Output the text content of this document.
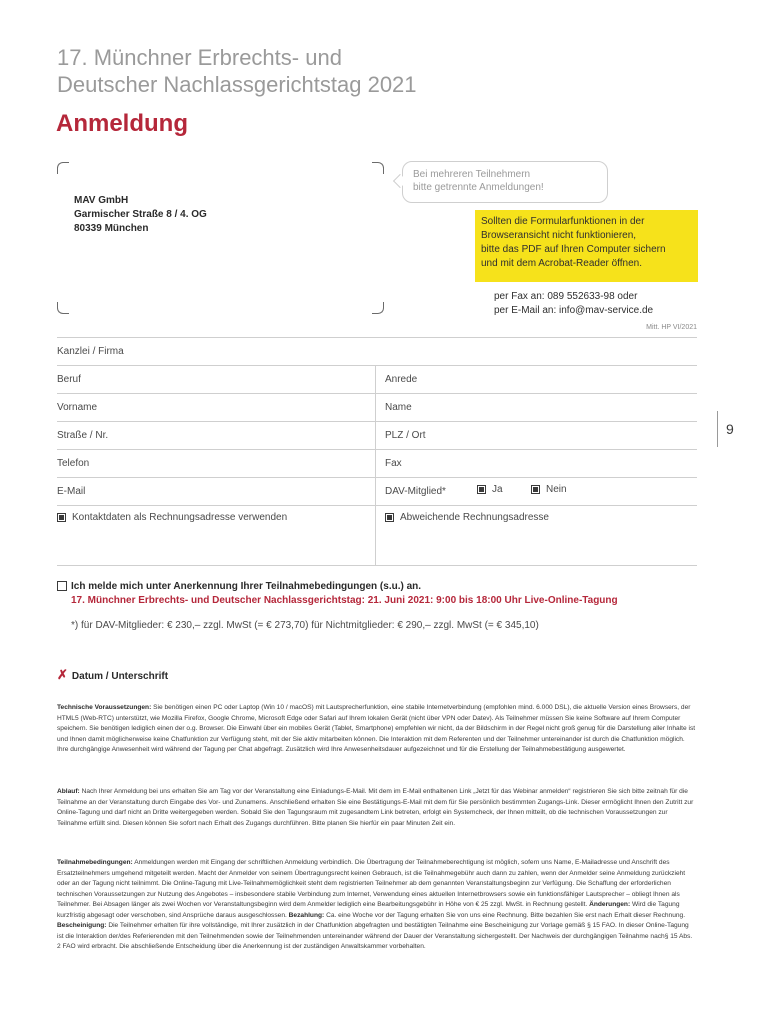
17. Münchner Erbrechts- und
Deutscher Nachlassgerichtstag 2021
Anmeldung
MAV GmbH
Garmischer Straße 8 / 4. OG
80339 München
Bei mehreren Teilnehmern
bitte getrennte Anmeldungen!
Sollten die Formularfunktionen in der
Browseransicht nicht funktionieren,
bitte das PDF auf Ihren Computer sichern
und mit dem Acrobat-Reader öffnen.
per Fax an: 089 552633-98 oder
per E-Mail an: info@mav-service.de
Mitt. HP VI/2021
Kanzlei / Firma
Beruf	Anrede
Vorname	Name
Straße / Nr.	PLZ / Ort
Telefon	Fax
E-Mail	DAV-Mitglied*	Ja	Nein
Kontaktdaten als Rechnungsadresse verwenden	Abweichende Rechnungsadresse
9
Ich melde mich unter Anerkennung Ihrer Teilnahmebedingungen (s.u.) an.
17. Münchner Erbrechts- und Deutscher Nachlassgerichtstag: 21. Juni 2021: 9:00 bis 18:00 Uhr Live-Online-Tagung
*) für DAV-Mitglieder: € 230,– zzgl. MwSt (= € 273,70) für Nichtmitglieder: € 290,– zzgl. MwSt (= € 345,10)
✗ Datum / Unterschrift
Technische Voraussetzungen: Sie benötigen einen PC oder Laptop (Win 10 / macOS) mit Lautsprecherfunktion, eine stabile Internetverbindung (empfohlen mind. 6.000 DSL), die aktuelle Version eines Browsers, der HTML5 (Web-RTC) unterstützt, wie Mozilla Firefox, Google Chrome, Microsoft Edge oder Safari auf Ihrem lokalen Gerät (nicht über VPN oder Datev). Als Teilnehmer müssen Sie keine Software auf Ihrem Computer speichern. Sie benötigen lediglich einen der o.g. Browser. Die Einwahl über ein mobiles Gerät (Tablet, Smartphone) empfehlen wir nicht, da der Bildschirm in der Regel nicht groß genug für die Darstellung aller Inhalte ist und Ihnen damit möglicherweise keine Chatfunktion zur Verfügung steht, mit der Sie aktiv mitarbeiten können. Die Interaktion mit dem Referenten und der Teilnehmer untereinander ist durch die Chatfunktion möglich. Ihre durchgängige Anwesenheit wird während der Tagung per Chat abgefragt. Zusätzlich wird Ihre Anwesenheitsdauer aufgezeichnet und für die Erstellung der Teilnahmebestätigung ausgewertet.
Ablauf: Nach Ihrer Anmeldung bei uns erhalten Sie am Tag vor der Veranstaltung eine Einladungs-E-Mail. Mit dem im E-Mail enthaltenen Link „Jetzt für das Webinar anmelden“ registrieren Sie sich bitte zeitnah für die Teilnahme an der Veranstaltung durch Eingabe des Vor- und Zunamens. Anschließend erhalten Sie eine Bestätigungs-E-Mail mit dem für Sie persönlich bestimmten Zugangs-Link. Dieser ermöglicht Ihnen den Zutritt zur Online-Tagung und darf nicht an Dritte weitergegeben werden. Sobald Sie den Tagungsraum mit zugesandtem Link betreten, erfolgt ein Systemcheck, der Ihnen mitteilt, ob die technischen Voraussetzungen zur Teilnahme erfüllt sind. Diesen können Sie sofort nach Erhalt des Zugangs durchführen. Bitte planen Sie hierfür ein paar Minuten Zeit ein.
Teilnahmebedingungen: Anmeldungen werden mit Eingang der schriftlichen Anmeldung verbindlich. Die Übertragung der Teilnahmeberechtigung ist möglich, sofern uns Name, E-Mailadresse und Anschrift des Ersatzteilnehmers umgehend mitgeteilt werden. Macht der Anmelder von seinem Übertragungsrecht keinen Gebrauch, ist die Teilnahmegebühr auch dann zu zahlen, wenn der Anmelder seine Anmeldung zurückzieht oder an der Tagung nicht teilnimmt. Die Online-Tagung mit Live-Teilnahmemöglichkeit steht dem registrierten Teilnehmer ab dem genannten Veranstaltungsbeginn zur Verfügung. Die Schaffung der erforderlichen technischen Voraussetzungen zur Nutzung des Angebotes – insbesondere stabile Verbindung zum Internet, Verwendung eines aktuellen Internetbrowsers sowie ein funktionsfähiger Lautsprecher – obliegt Ihnen als Teilnehmer. Bei Absagen länger als zwei Wochen vor Veranstaltungsbeginn wird dem Anmelder lediglich eine Bearbeitungsgebühr in Höhe von € 25 zzgl. MwSt. in Rechnung gestellt. Änderungen: Wird die Tagung kurzfristig abgesagt oder verschoben, sind Ansprüche daraus ausgeschlossen. Bezahlung: Ca. eine Woche vor der Tagung erhalten Sie von uns eine Rechnung. Bitte bezahlen Sie erst nach Erhalt dieser Rechnung.
Bescheinigung: Die Teilnehmer erhalten für ihre vollständige, mit Ihrer zusätzlich in der Chatfunktion abgefragten und bestätigten Teilnahme eine Bescheinigung zur Vorlage gemäß § 15 FAO. In dieser Online-Tagung ist die Interaktion der/des Referierenden mit den Teilnehmenden sowie der Teilnehmenden untereinander während der Dauer der Veranstaltung sichergestellt. Der Nachweis der durchgängigen Teilnahme nach§ 15 Abs. 2 FAO wird erbracht. Die abschließende Entscheidung über die Anerkennung ist der zuständigen Anwaltskammer vorbehalten.
